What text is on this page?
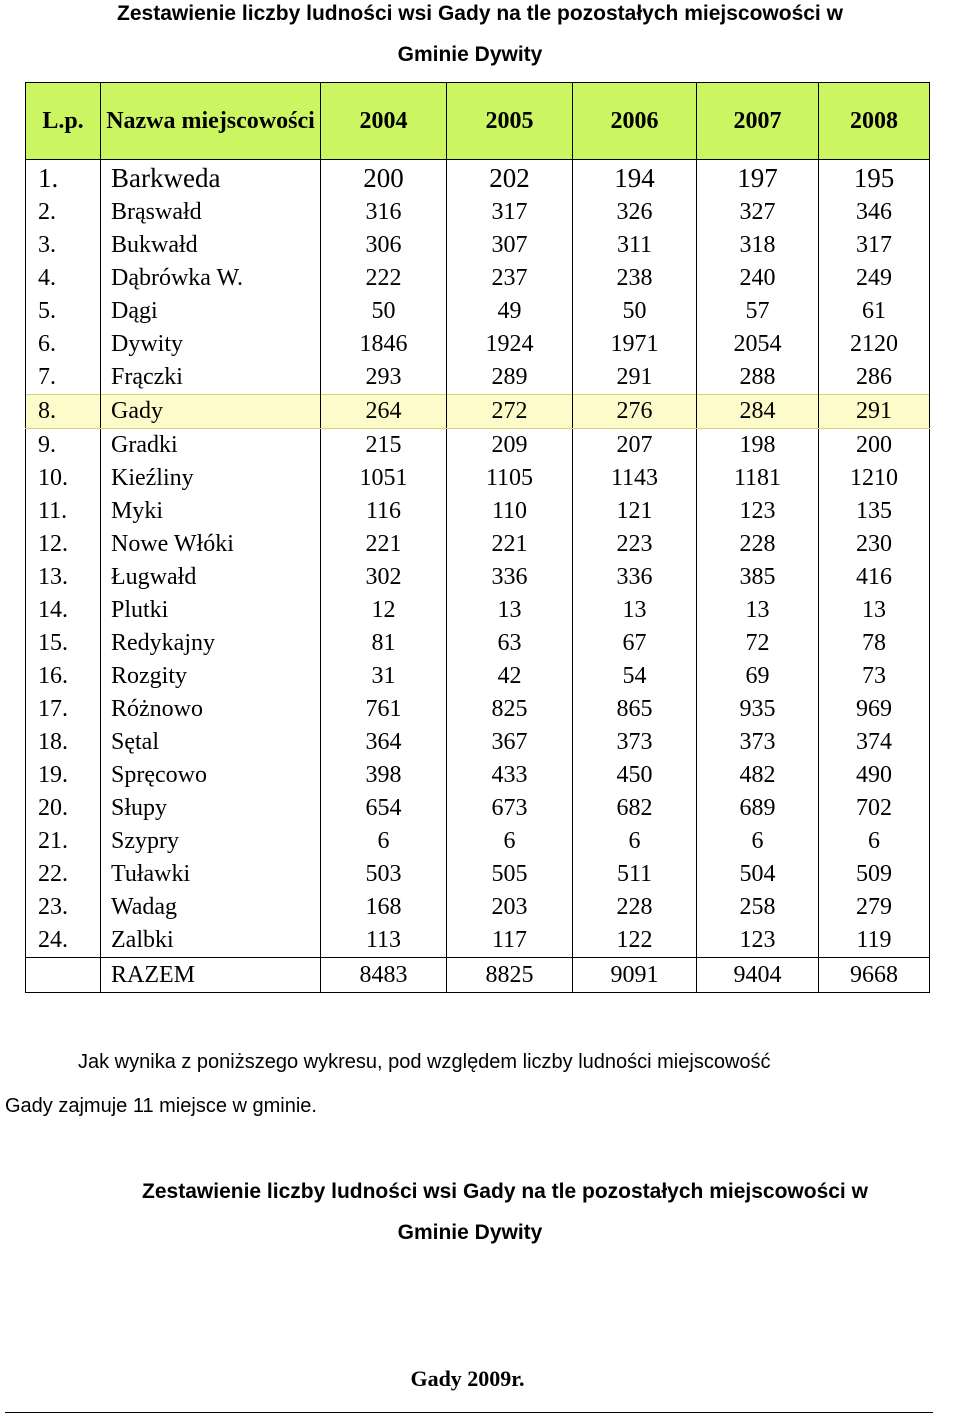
Zestawienie liczby ludności wsi Gady na tle pozostałych miejscowości w
Gminie Dywity
L.p.	Nazwa miejscowości	2004	2005	2006	2007	2008
1.	Barkweda	200	202	194	197	195
2.	Brąswałd	316	317	326	327	346
3.	Bukwałd	306	307	311	318	317
4.	Dąbrówka W.	222	237	238	240	249
5.	Dągi	50	49	50	57	61
6.	Dywity	1846	1924	1971	2054	2120
7.	Frączki	293	289	291	288	286
8.	Gady	264	272	276	284	291
9.	Gradki	215	209	207	198	200
10.	Kieźliny	1051	1105	1143	1181	1210
11.	Myki	116	110	121	123	135
12.	Nowe Włóki	221	221	223	228	230
13.	Ługwałd	302	336	336	385	416
14.	Plutki	12	13	13	13	13
15.	Redykajny	81	63	67	72	78
16.	Rozgity	31	42	54	69	73
17.	Różnowo	761	825	865	935	969
18.	Sętal	364	367	373	373	374
19.	Spręcowo	398	433	450	482	490
20.	Słupy	654	673	682	689	702
21.	Szypry	6	6	6	6	6
22.	Tuławki	503	505	511	504	509
23.	Wadag	168	203	228	258	279
24.	Zalbki	113	117	122	123	119
	RAZEM	8483	8825	9091	9404	9668
Jak wynika z poniższego wykresu, pod względem liczby ludności miejscowość
Gady zajmuje 11 miejsce w gminie.
Zestawienie liczby ludności wsi Gady na tle pozostałych miejscowości w
Gminie Dywity
Gady 2009r.
